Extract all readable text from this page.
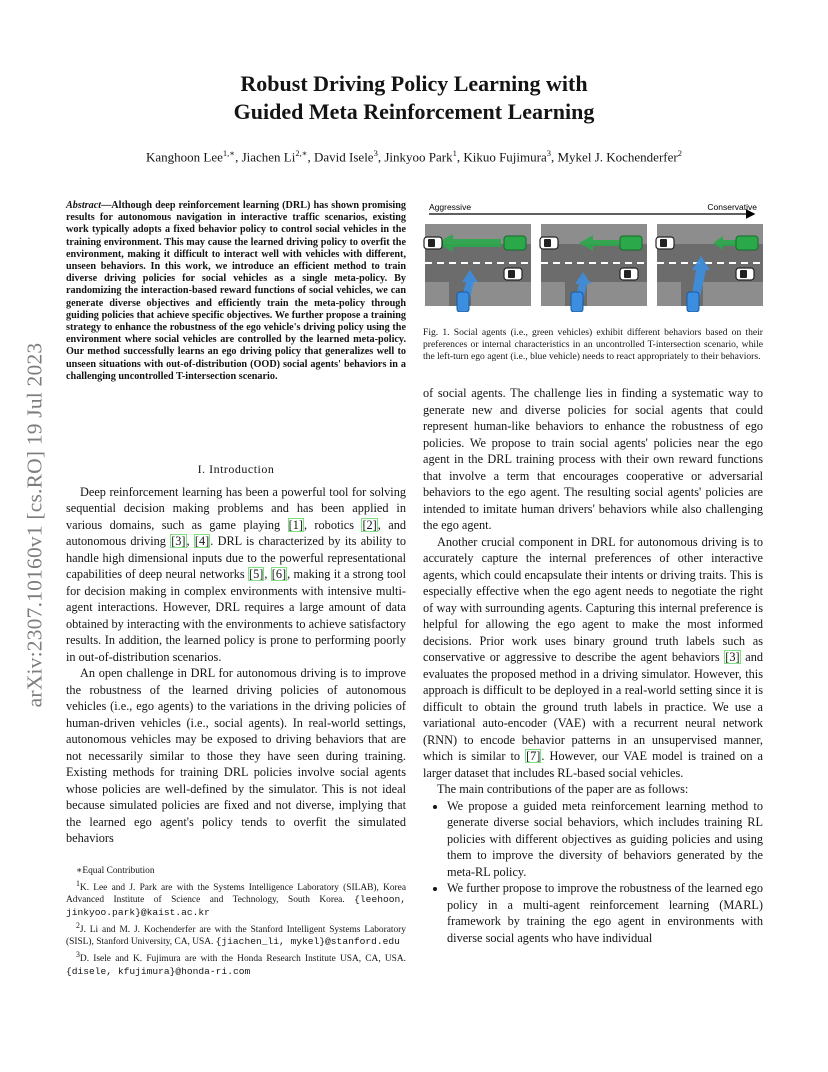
arXiv:2307.10160v1 [cs.RO] 19 Jul 2023
Robust Driving Policy Learning with
Guided Meta Reinforcement Learning
Kanghoon Lee$^{1,∗}$, Jiachen $Li^{2,∗}$, David Isele$^3$, Jinkyoo Park$^1$, Kikuo Fujimura$^3$, Mykel J. Kochenderfer$^2$
Abstract—Although deep reinforcement learning (DRL) has shown promising results for autonomous navigation in interactive traffic scenarios, existing work typically adopts a fixed behavior policy to control social vehicles in the training environment. This may cause the learned driving policy to overfit the environment, making it difficult to interact well with vehicles with different, unseen behaviors. In this work, we introduce an efficient method to train diverse driving policies for social vehicles as a single meta-policy. By randomizing the interaction-based reward functions of social vehicles, we can generate diverse objectives and efficiently train the meta-policy through guiding policies that achieve specific objectives. We further propose a training strategy to enhance the robustness of the ego vehicle's driving policy using the environment where social vehicles are controlled by the learned meta-policy. Our method successfully learns an ego driving policy that generalizes well to unseen situations with out-of-distribution (OOD) social agents' behaviors in a challenging uncontrolled T-intersection scenario.
I. Introduction

Deep reinforcement learning has been a powerful tool for solving sequential decision making problems and has been applied in various domains, such as game playing [1], robotics [2], and autonomous driving [3], [4]. DRL is characterized by its ability to handle high dimensional inputs due to the powerful representational capabilities of deep neural networks [5], [6], making it a strong tool for decision making in complex environments with intensive multi-agent interactions. However, DRL requires a large amount of data obtained by interacting with the environments to achieve satisfactory results. In addition, the learned policy is prone to performing poorly in out-of-distribution scenarios.

An open challenge in DRL for autonomous driving is to improve the robustness of the learned driving policies of autonomous vehicles (i.e., ego agents) to the variations in the driving policies of human-driven vehicles (i.e., social agents). In real-world settings, autonomous vehicles may be exposed to driving behaviors that are not necessarily similar to those they have seen during training. Existing methods for training DRL policies involve social agents whose policies are well-defined by the simulator. This is not ideal because simulated policies are fixed and not diverse, implying that the learned ego agent's policy tends to overfit the simulated behaviors

∗Equal Contribution
$^1$K. Lee and J. Park are with the Systems Intelligence Laboratory (SILAB), Korea Advanced Institute of Science and Technology, South Korea. {leehoon, jinkyoo.park}@kaist.ac.kr
$^2$J. Li and M. J. Kochenderfer are with the Stanford Intelligent Systems Laboratory (SISL), Stanford University, CA, USA. {jiachen_li, mykel}@stanford.edu
$^3$D. Isele and K. Fujimura are with the Honda Research Institute USA, CA, USA. {disele, kfujimura}@honda-ri.com
Aggressive	Conservative
Fig. 1. Social agents (i.e., green vehicles) exhibit different behaviors based on their preferences or internal characteristics in an uncontrolled T-intersection scenario, while the left-turn ego agent (i.e., blue vehicle) needs to react appropriately to their behaviors.

of social agents. The challenge lies in finding a systematic way to generate new and diverse policies for social agents that could represent human-like behaviors to enhance the robustness of ego policies. We propose to train social agents' policies near the ego agent in the DRL training process with their own reward functions that involve a term that encourages cooperative or adversarial behaviors to the ego agent. The resulting social agents' policies are intended to imitate human drivers' behaviors while also challenging the ego agent.

Another crucial component in DRL for autonomous driving is to accurately capture the internal preferences of other interactive agents, which could encapsulate their intents or driving traits. This is especially effective when the ego agent needs to negotiate the right of way with surrounding agents. Capturing this internal preference is helpful for allowing the ego agent to make the most informed decisions. Prior work uses binary ground truth labels such as conservative or aggressive to describe the agent behaviors [3] and evaluates the proposed method in a driving simulator. However, this approach is difficult to be deployed in a real-world setting since it is difficult to obtain the ground truth labels in practice. We use a variational auto-encoder (VAE) with a recurrent neural network (RNN) to encode behavior patterns in an unsupervised manner, which is similar to [7]. However, our VAE model is trained on a larger dataset that includes RL-based social vehicles.

The main contributions of the paper are as follows:

• We propose a guided meta reinforcement learning method to generate diverse social behaviors, which includes training RL policies with different objectives as guiding policies and using them to improve the diversity of behaviors generated by the meta-RL policy.
• We further propose to improve the robustness of the learned ego policy in a multi-agent reinforcement learning (MARL) framework by training the ego agent in environments with diverse social agents who have individual
